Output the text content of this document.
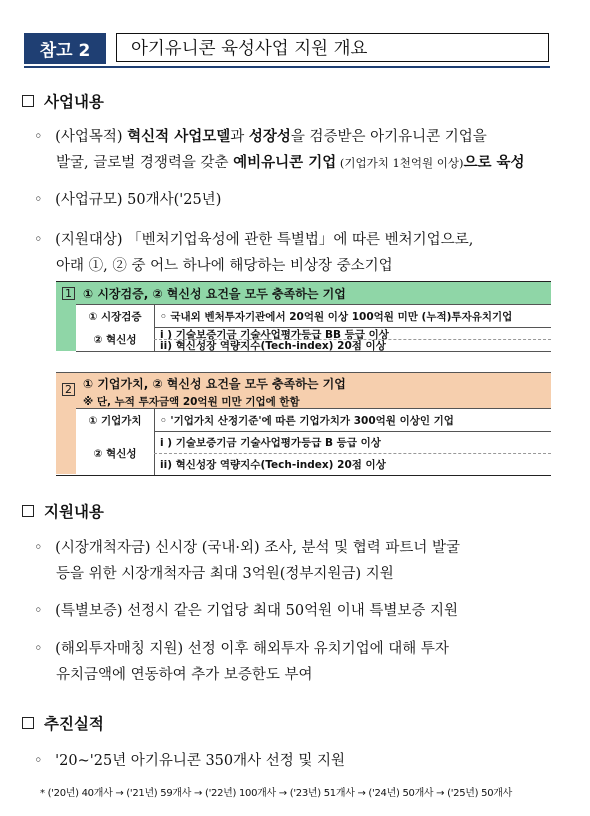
참고 2	아기유니콘 육성사업 지원 개요
사업내용
◦ (사업목적) 혁신적 사업모델과 성장성을 검증받은 아기유니콘 기업을
발굴, 글로벌 경쟁력을 갖춘 예비유니콘 기업 (기업가치 1천억원 이상)으로 육성
◦ (사업규모) 50개사('25년)
◦ (지원대상) 「벤처기업육성에 관한 특별법」에 따른 벤처기업으로,
아래 ①, ② 중 어느 하나에 해당하는 비상장 중소기업
1 ① 시장검증, ② 혁신성 요건을 모두 충족하는 기업
① 시장검증	◦ 국내외 벤처투자기관에서 20억원 이상 100억원 미만 (누적)투자유치기업
② 혁신성	i ) 기술보증기금 기술사업평가등급 BB 등급 이상
ii) 혁신성장 역량지수(Tech-index) 20점 이상
2 ① 기업가치, ② 혁신성 요건을 모두 충족하는 기업
※ 단, 누적 투자금액 20억원 미만 기업에 한함
① 기업가치	◦ '기업가치 산정기준'에 따른 기업가치가 300억원 이상인 기업
② 혁신성
i ) 기술보증기금 기술사업평가등급 B 등급 이상
ii) 혁신성장 역량지수(Tech-index) 20점 이상
지원내용
◦ (시장개척자금) 신시장 (국내·외) 조사, 분석 및 협력 파트너 발굴
등을 위한 시장개척자금 최대 3억원(정부지원금) 지원
◦ (특별보증) 선정시 같은 기업당 최대 50억원 이내 특별보증 지원
◦ (해외투자매칭 지원) 선정 이후 해외투자 유치기업에 대해 투자
유치금액에 연동하여 추가 보증한도 부여
추진실적
◦ '20~'25년 아기유니콘 350개사 선정 및 지원
* ('20년) 40개사 → ('21년) 59개사 → ('22년) 100개사 → ('23년) 51개사 → ('24년) 50개사 → ('25년) 50개사
